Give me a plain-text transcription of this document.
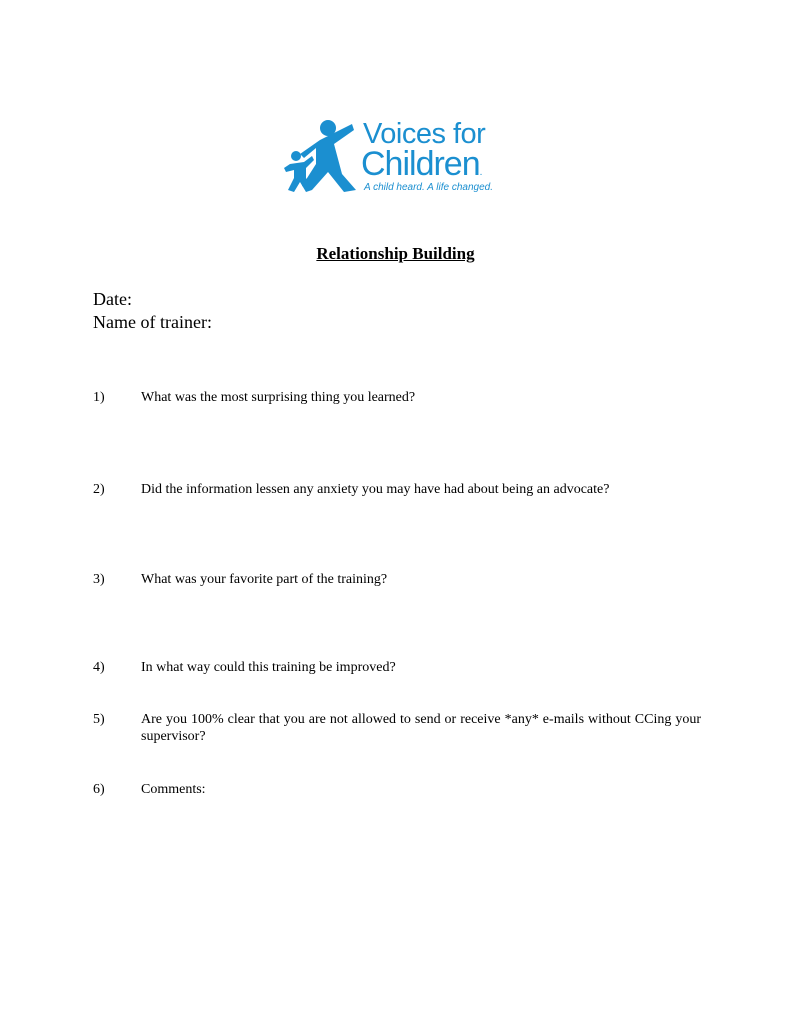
Voices for
Children.
A child heard. A life changed.
Relationship Building
Date:
Name of trainer:
1)	What was the most surprising thing you learned?
2)	Did the information lessen any anxiety you may have had about being an advocate?
3)	What was your favorite part of the training?
4)	In what way could this training be improved?
5)	Are you 100% clear that you are not allowed to send or receive *any* e-mails without CCing your supervisor?
6)	Comments:
